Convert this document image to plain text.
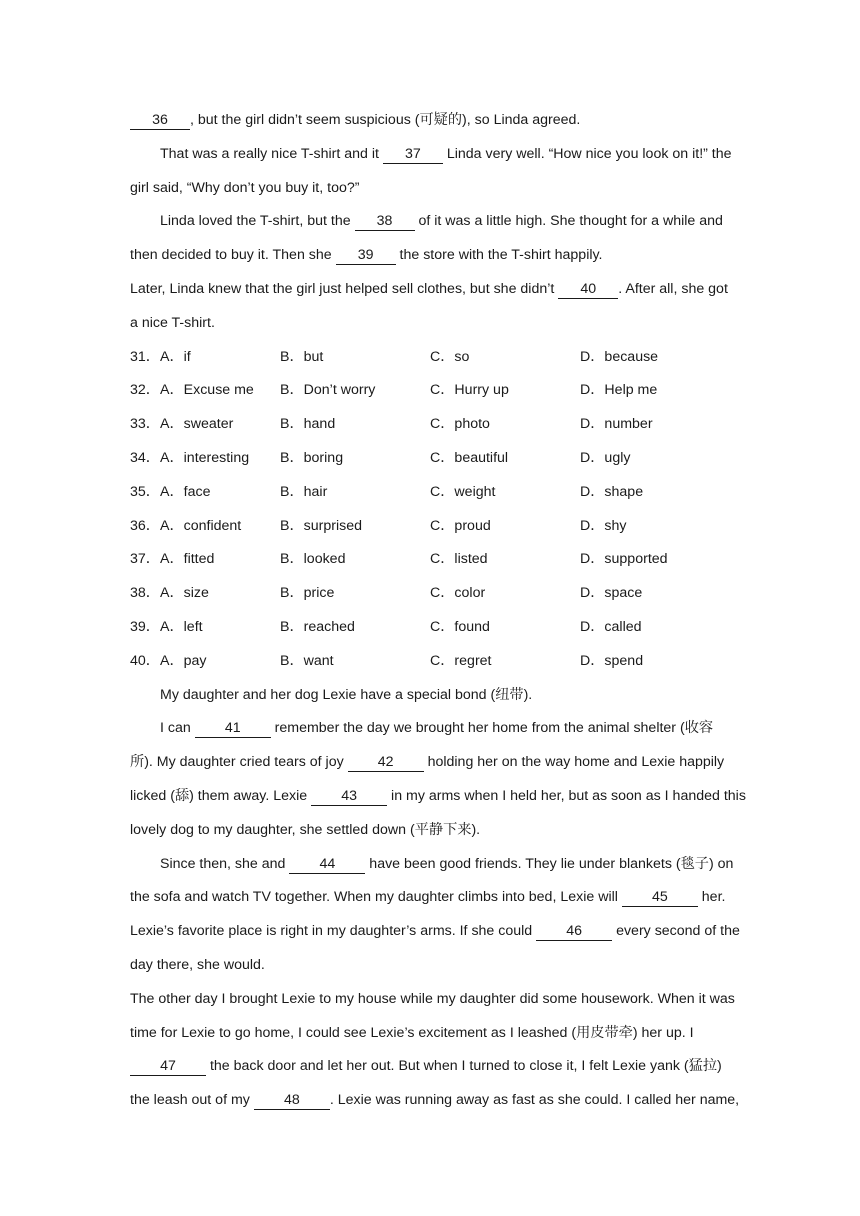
36 , but the girl didn’t seem suspicious (可疑的), so Linda agreed.
That was a really nice T-shirt and it 37 Linda very well. “How nice you look on it!” the
girl said, “Why don’t you buy it, too?”
Linda loved the T-shirt, but the 38 of it was a little high. She thought for a while and
then decided to buy it. Then she 39 the store with the T-shirt happily.
Later, Linda knew that the girl just helped sell clothes, but she didn’t 40 . After all, she got
a nice T-shirt.
31． A．if	B．but	C．so	D．because
32． A．Excuse me	B．Don’t worry	C．Hurry up	D．Help me
33． A．sweater	B．hand	C．photo	D．number
34． A．interesting	B．boring	C．beautiful	D．ugly
35． A．face	B．hair	C．weight	D．shape
36． A．confident	B．surprised	C．proud	D．shy
37． A．fitted	B．looked	C．listed	D．supported
38． A．size	B．price	C．color	D．space
39． A．left	B．reached	C．found	D．called
40． A．pay	B．want	C．regret	D．spend
My daughter and her dog Lexie have a special bond (纽带).
I can 41 remember the day we brought her home from the animal shelter (收容
所). My daughter cried tears of joy 42 holding her on the way home and Lexie happily
licked (舔) them away. Lexie 43 in my arms when I held her, but as soon as I handed this
lovely dog to my daughter, she settled down (平静下来).
Since then, she and 44 have been good friends. They lie under blankets (毯子) on
the sofa and watch TV together. When my daughter climbs into bed, Lexie will 45 her.
Lexie’s favorite place is right in my daughter’s arms. If she could 46 every second of the
day there, she would.
The other day I brought Lexie to my house while my daughter did some housework. When it was
time for Lexie to go home, I could see Lexie’s excitement as I leashed (用皮带牵) her up. I
47 the back door and let her out. But when I turned to close it, I felt Lexie yank (猛拉)
the leash out of my 48 . Lexie was running away as fast as she could. I called her name,
